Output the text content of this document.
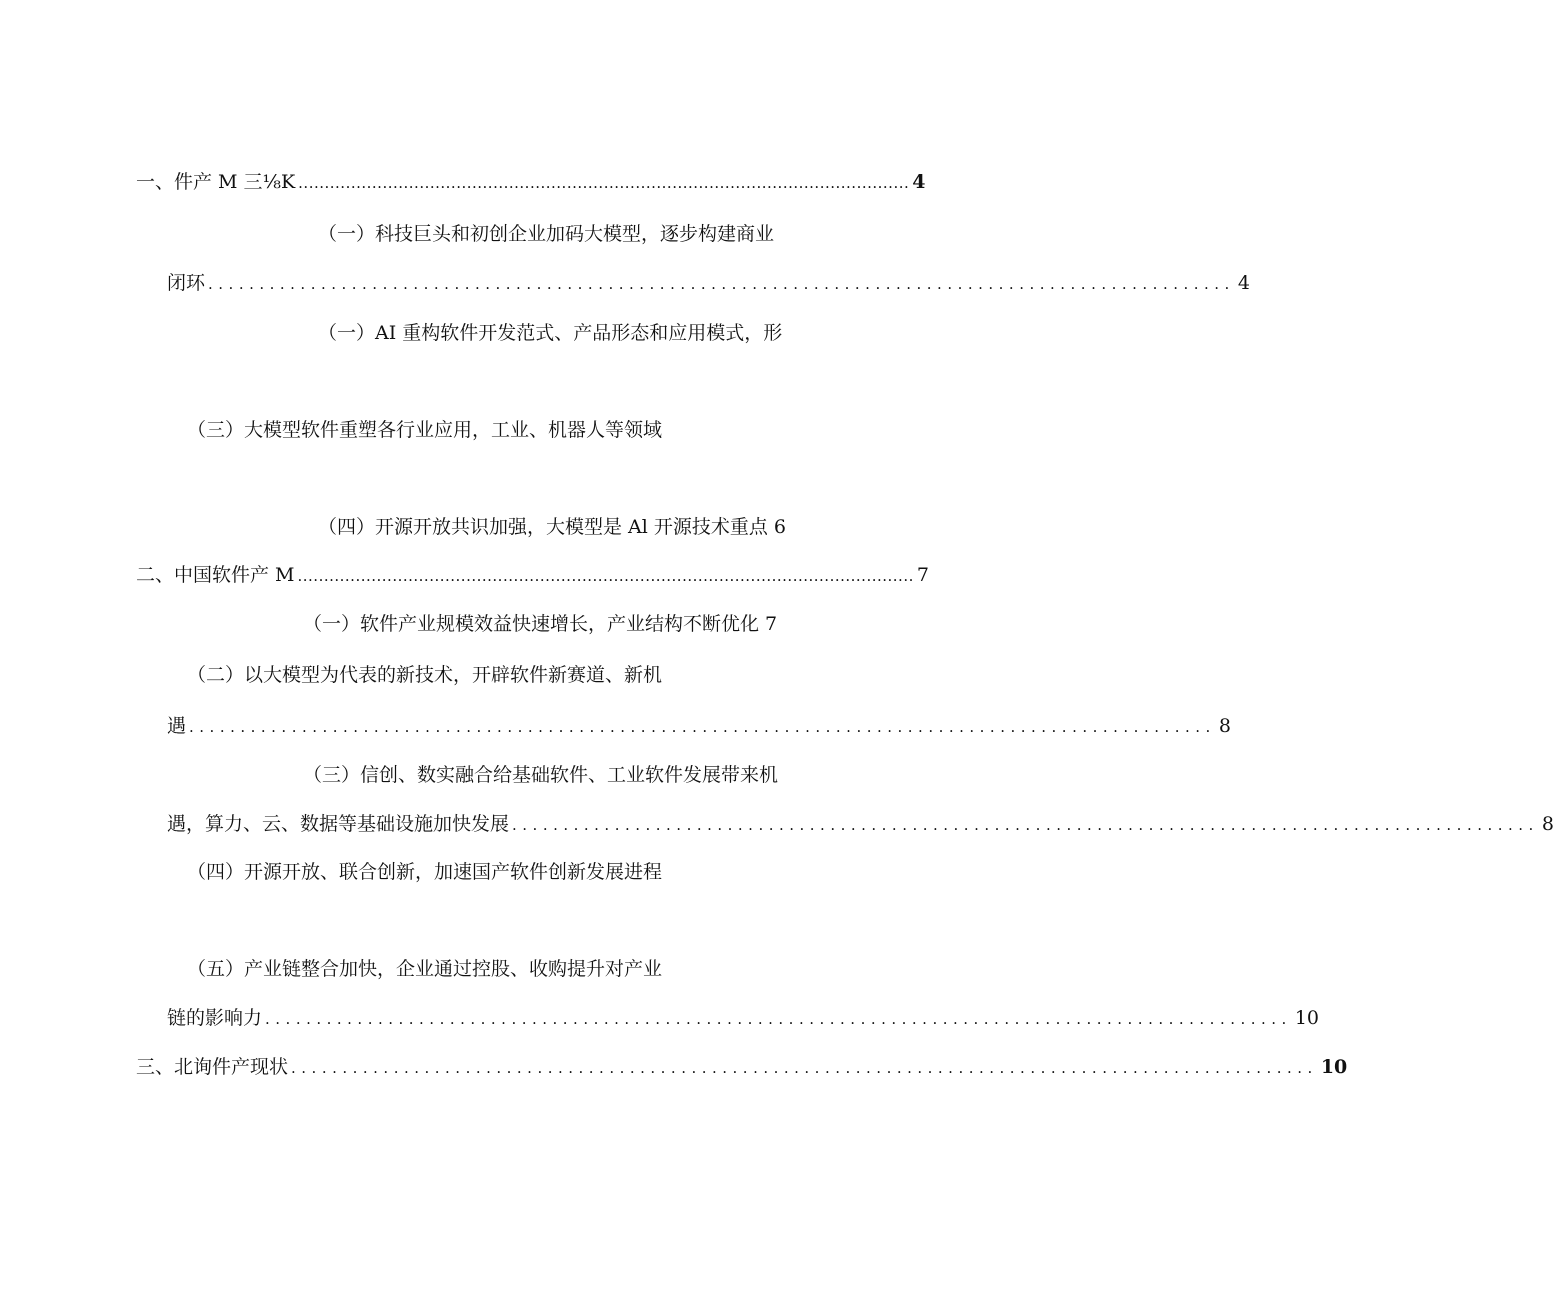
一、件产 M 三⅛K .................................................................................................................... 4
（一）科技巨头和初创企业加码大模型，逐步构建商业
闭环 .................................................................................................... 4
（一）AI 重构软件开发范式、产品形态和应用模式，形
（三）大模型软件重塑各行业应用，工业、机器人等领域
（四）开源开放共识加强，大模型是 Al 开源技术重点 6
二、中国软件产 M ..................................................................................................................... 7
（一）软件产业规模效益快速增长，产业结构不断优化 7
（二）以大模型为代表的新技术，开辟软件新赛道、新机
遇 .................................................................................................... 8
（三）信创、数实融合给基础软件、工业软件发展带来机
遇，算力、云、数据等基础设施加快发展 .................................................................................................... 8
（四）开源开放、联合创新，加速国产软件创新发展进程
（五）产业链整合加快，企业通过控股、收购提升对产业
链的影响力 .................................................................................................... 10
三、北询件产现状 .................................................................................................... 10
